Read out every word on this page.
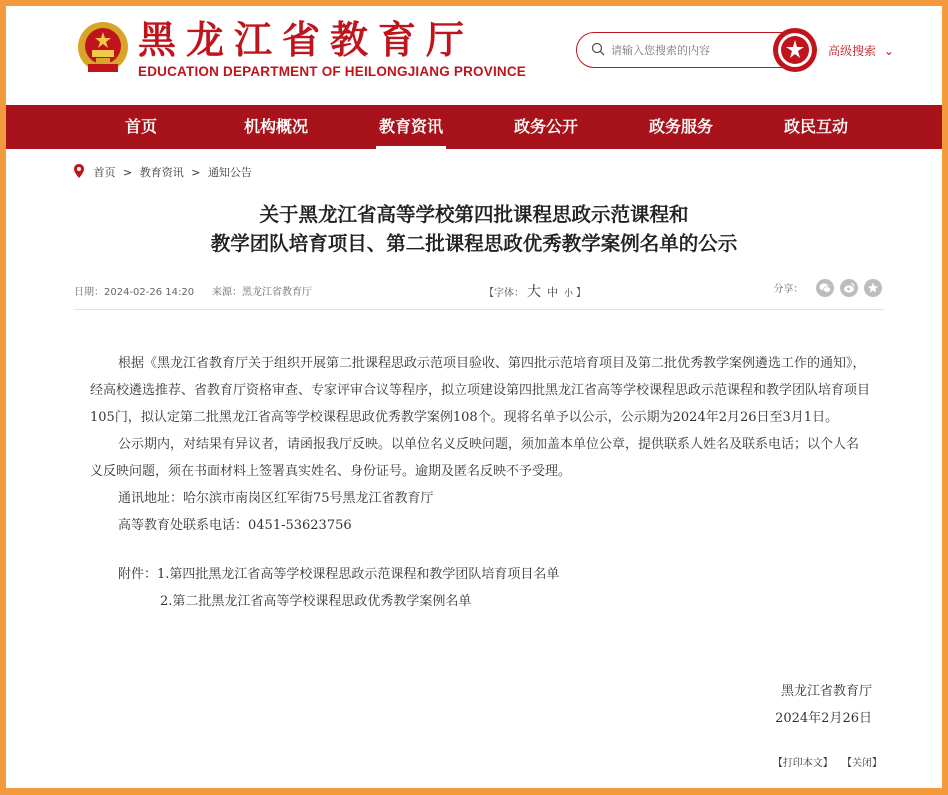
黑龙江省教育厅
EDUCATION DEPARTMENT OF HEILONGJIANG PROVINCE
请输入您搜索的内容
高级搜索 ⌄
首页	机构概况	教育资讯	政务公开	政务服务	政民互动
首页 > 教育资讯 > 通知公告
关于黑龙江省高等学校第四批课程思政示范课程和
教学团队培育项目、第二批课程思政优秀教学案例名单的公示
日期：2024-02-26 14:20 来源：黑龙江省教育厅	【字体： 大 中 小 】	分享：

根据《黑龙江省教育厅关于组织开展第二批课程思政示范项目验收、第四批示范培育项目及第二批优秀教学案例遴选工作的通知》，经高校遴选推荐、省教育厅资格审查、专家评审合议等程序，拟立项建设第四批黑龙江省高等学校课程思政示范课程和教学团队培育项目105门，拟认定第二批黑龙江省高等学校课程思政优秀教学案例108个。现将名单予以公示，公示期为2024年2月26日至3月1日。

公示期内，对结果有异议者，请函报我厅反映。以单位名义反映问题，须加盖本单位公章，提供联系人姓名及联系电话；以个人名义反映问题，须在书面材料上签署真实姓名、身份证号。逾期及匿名反映不予受理。

通讯地址：哈尔滨市南岗区红军街75号黑龙江省教育厅

高等教育处联系电话：0451-53623756

附件：1.第四批黑龙江省高等学校课程思政示范课程和教学团队培育项目名单

2.第二批黑龙江省高等学校课程思政优秀教学案例名单

黑龙江省教育厅
2024年2月26日
【打印本文】 【关闭】
